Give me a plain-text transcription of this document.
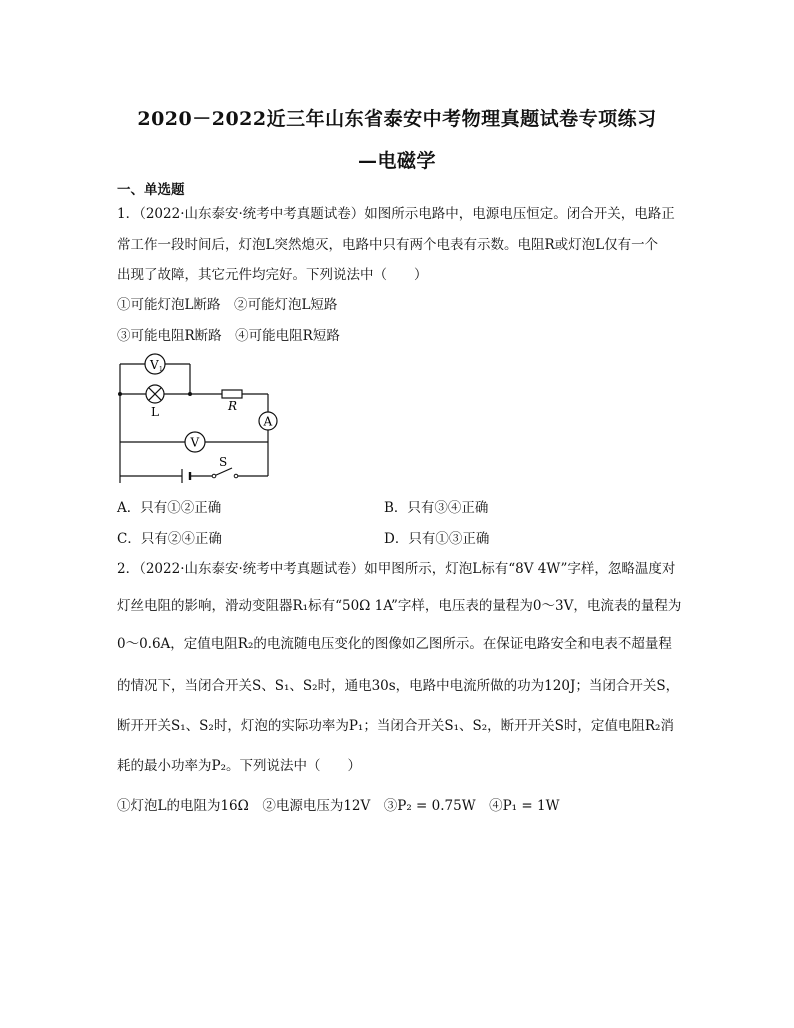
2020－2022近三年山东省泰安中考物理真题试卷专项练习
—电磁学
一、单选题
1．（2022·山东泰安·统考中考真题试卷）如图所示电路中，电源电压恒定。闭合开关，电路正
常工作一段时间后，灯泡L突然熄灭，电路中只有两个电表有示数。电阻R或灯泡L仅有一个
出现了故障，其它元件均完好。下列说法中（　　）
①可能灯泡L断路　②可能灯泡L短路
③可能电阻R断路　④可能电阻R短路
V 1
L	R
A
V
S
A．只有①②正确	B．只有③④正确
C．只有②④正确	D．只有①③正确
2．（2022·山东泰安·统考中考真题试卷）如甲图所示，灯泡L标有“8V 4W”字样，忽略温度对
灯丝电阻的影响，滑动变阻器R₁标有“50Ω 1A”字样，电压表的量程为0～3V，电流表的量程为
0～0.6A，定值电阻R₂的电流随电压变化的图像如乙图所示。在保证电路安全和电表不超量程
的情况下，当闭合开关S、S₁、S₂时，通电30s，电路中电流所做的功为120J；当闭合开关S，
断开开关S₁、S₂时，灯泡的实际功率为P₁；当闭合开关S₁、S₂，断开开关S时，定值电阻R₂消
耗的最小功率为P₂。下列说法中（　　）
①灯泡L的电阻为16Ω　②电源电压为12V　③P₂ = 0.75W　④P₁ = 1W
